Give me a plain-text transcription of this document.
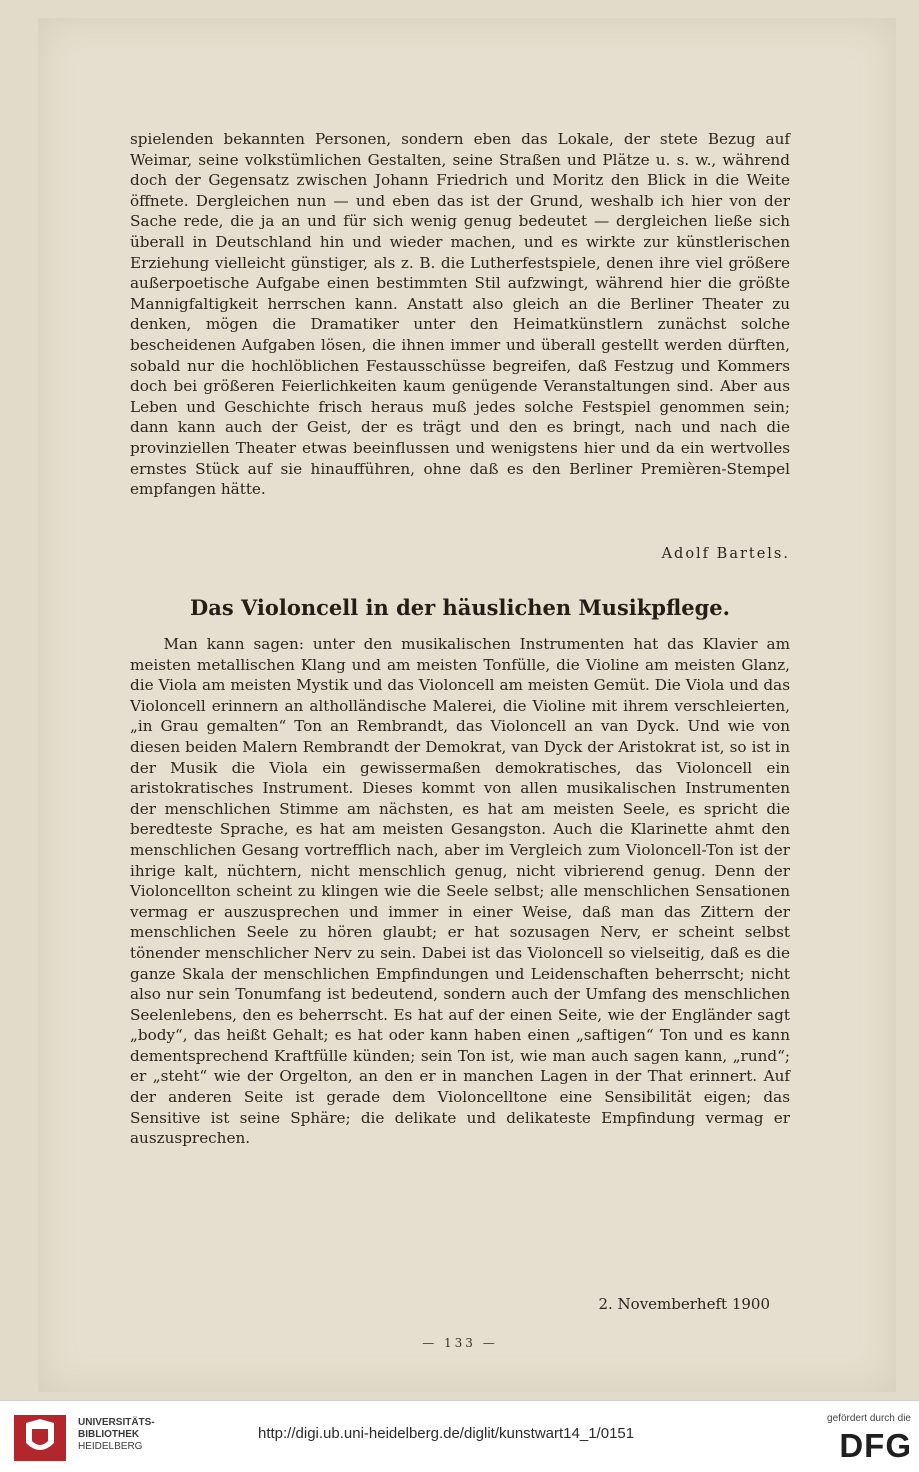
spielenden bekannten Personen, sondern eben das Lokale, der stete Bezug auf Weimar, seine volkstümlichen Gestalten, seine Straßen und Plätze u. s. w., während doch der Gegensatz zwischen Johann Friedrich und Moritz den Blick in die Weite öffnete. Dergleichen nun — und eben das ist der Grund, weshalb ich hier von der Sache rede, die ja an und für sich wenig genug bedeutet — dergleichen ließe sich überall in Deutschland hin und wieder machen, und es wirkte zur künstlerischen Erziehung vielleicht günstiger, als z. B. die Lutherfestspiele, denen ihre viel größere außerpoetische Aufgabe einen bestimmten Stil aufzwingt, während hier die größte Mannigfaltigkeit herrschen kann. Anstatt also gleich an die Berliner Theater zu denken, mögen die Dramatiker unter den Heimatkünstlern zunächst solche bescheidenen Aufgaben lösen, die ihnen immer und überall gestellt werden dürften, sobald nur die hochlöblichen Festausschüsse begreifen, daß Festzug und Kommers doch bei größeren Feierlichkeiten kaum genügende Veranstaltungen sind. Aber aus Leben und Geschichte frisch heraus muß jedes solche Festspiel genommen sein; dann kann auch der Geist, der es trägt und den es bringt, nach und nach die provinziellen Theater etwas beeinflussen und wenigstens hier und da ein wertvolles ernstes Stück auf sie hinaufführen, ohne daß es den Berliner Premièren-Stempel empfangen hätte.

Adolf Bartels.
Das Violoncell in der häuslichen Musikpflege.

Man kann sagen: unter den musikalischen Instrumenten hat das Klavier am meisten metallischen Klang und am meisten Tonfülle, die Violine am meisten Glanz, die Viola am meisten Mystik und das Violoncell am meisten Gemüt. Die Viola und das Violoncell erinnern an altholländische Malerei, die Violine mit ihrem verschleierten, „in Grau gemalten“ Ton an Rembrandt, das Violoncell an van Dyck. Und wie von diesen beiden Malern Rembrandt der Demokrat, van Dyck der Aristokrat ist, so ist in der Musik die Viola ein gewissermaßen demokratisches, das Violoncell ein aristokratisches Instrument. Dieses kommt von allen musikalischen Instrumenten der menschlichen Stimme am nächsten, es hat am meisten Seele, es spricht die beredteste Sprache, es hat am meisten Gesangston. Auch die Klarinette ahmt den menschlichen Gesang vortrefflich nach, aber im Vergleich zum Violoncell-Ton ist der ihrige kalt, nüchtern, nicht menschlich genug, nicht vibrierend genug. Denn der Violoncellton scheint zu klingen wie die Seele selbst; alle menschlichen Sensationen vermag er auszusprechen und immer in einer Weise, daß man das Zittern der menschlichen Seele zu hören glaubt; er hat sozusagen Nerv, er scheint selbst tönender menschlicher Nerv zu sein. Dabei ist das Violoncell so vielseitig, daß es die ganze Skala der menschlichen Empfindungen und Leidenschaften beherrscht; nicht also nur sein Tonumfang ist bedeutend, sondern auch der Umfang des menschlichen Seelenlebens, den es beherrscht. Es hat auf der einen Seite, wie der Engländer sagt „body“, das heißt Gehalt; es hat oder kann haben einen „saftigen“ Ton und es kann dementsprechend Kraftfülle künden; sein Ton ist, wie man auch sagen kann, „rund“; er „steht“ wie der Orgelton, an den er in manchen Lagen in der That erinnert. Auf der anderen Seite ist gerade dem Violoncelltone eine Sensibilität eigen; das Sensitive ist seine Sphäre; die delikate und delikateste Empfindung vermag er auszusprechen.

2. Novemberheft 1900
— 133 —
UNIVERSITÄTS-
BIBLIOTHEK
HEIDELBERG
http://digi.ub.uni-heidelberg.de/diglit/kunstwart14_1/0151
gefördert durch die
DFG
